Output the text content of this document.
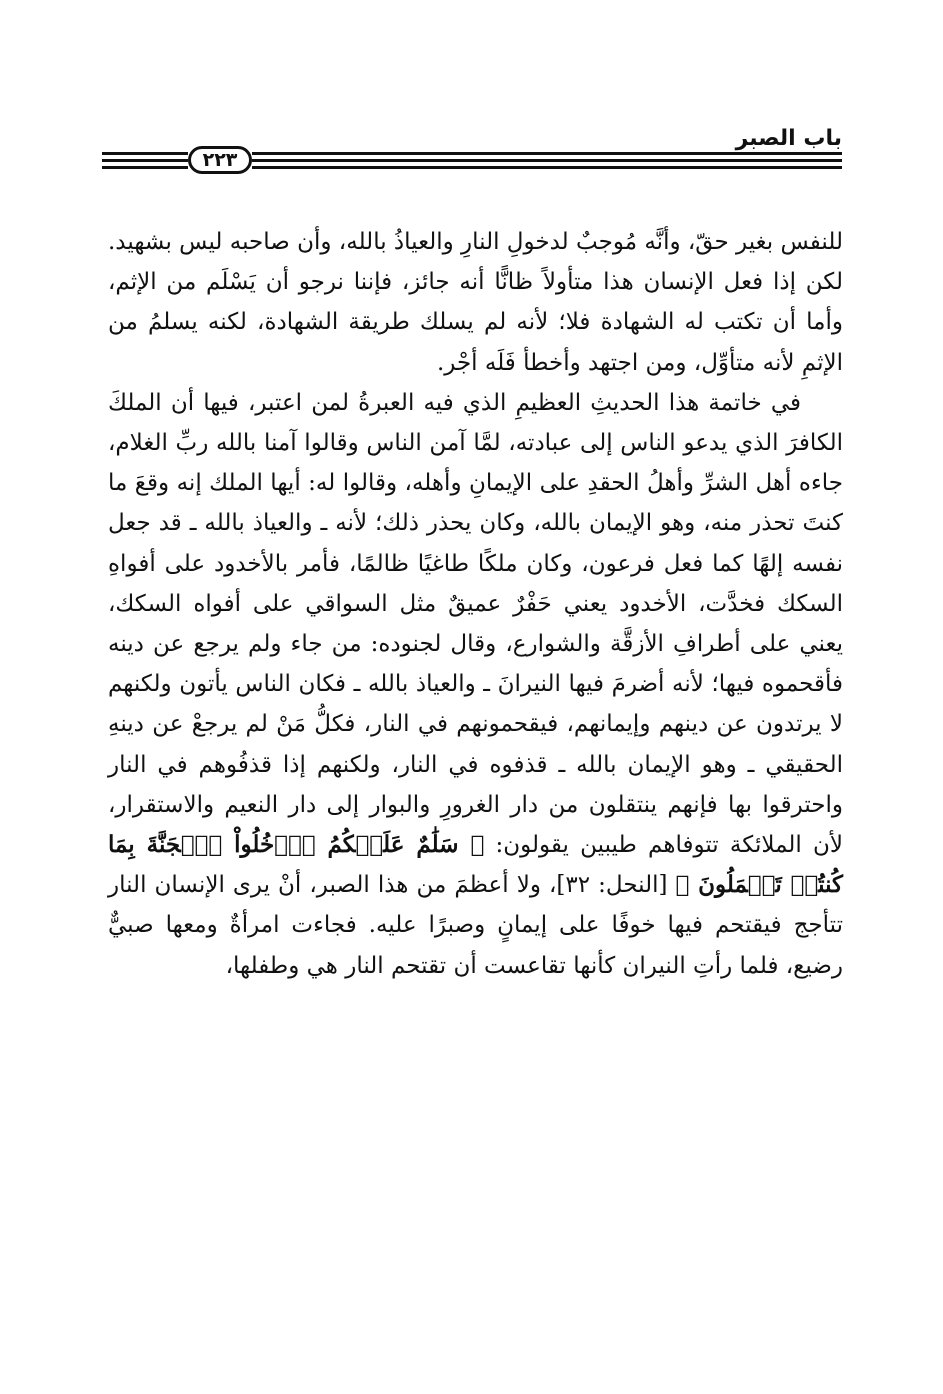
٢٢٣
باب الصبر

للنفس بغير حقّ، وأنَّه مُوجبٌ لدخولِ النارِ والعياذُ بالله، وأن صاحبه ليس بشهيد. لكن إذا فعل الإنسان هذا متأولاً ظانًّا أنه جائز، فإننا نرجو أن يَسْلَم من الإثم، وأما أن تكتب له الشهادة فلا؛ لأنه لم يسلك طريقة الشهادة، لكنه يسلمُ من الإثمِ لأنه متأوِّل، ومن اجتهد وأخطأ فَلَه أجْر.

في خاتمة هذا الحديثِ العظيمِ الذي فيه العبرةُ لمن اعتبر، فيها أن الملكَ الكافرَ الذي يدعو الناس إلى عبادته، لمَّا آمن الناس وقالوا آمنا بالله ربِّ الغلام، جاءه أهل الشرِّ وأهلُ الحقدِ على الإيمانِ وأهله، وقالوا له: أيها الملك إنه وقعَ ما كنتَ تحذر منه، وهو الإيمان بالله، وكان يحذر ذلك؛ لأنه ـ والعياذ بالله ـ قد جعل نفسه إلهًا كما فعل فرعون، وكان ملكًا طاغيًا ظالمًا، فأمر بالأخدود على أفواهِ السكك فخدَّت، الأخدود يعني حَفْرٌ عميقٌ مثل السواقي على أفواه السكك، يعني على أطرافِ الأزقَّة والشوارع، وقال لجنوده: من جاء ولم يرجع عن دينه فأقحموه فيها؛ لأنه أضرمَ فيها النيرانَ ـ والعياذ بالله ـ فكان الناس يأتون ولكنهم لا يرتدون عن دينهم وإيمانهم، فيقحمونهم في النار، فكلُّ مَنْ لم يرجعْ عن دينهِ الحقيقي ـ وهو الإيمان بالله ـ قذفوه في النار، ولكنهم إذا قذفُوهم في النار واحترقوا بها فإنهم ينتقلون من دار الغرورِ والبوار إلى دار النعيم والاستقرار، لأن الملائكة تتوفاهم طيبين يقولون: ﴿ سَلَٰمٌ عَلَيۡكُمُ ٱدۡخُلُواْ ٱلۡجَنَّةَ بِمَا كُنتُمۡ تَعۡمَلُونَ ﴾ [النحل: ٣٢]، ولا أعظمَ من هذا الصبر، أنْ يرى الإنسان النار تتأجج فيقتحم فيها خوفًا على إيمانٍ وصبرًا عليه. فجاءت امرأةٌ ومعها صبيٌّ رضيع، فلما رأتِ النيران كأنها تقاعست أن تقتحم النار هي وطفلها،
